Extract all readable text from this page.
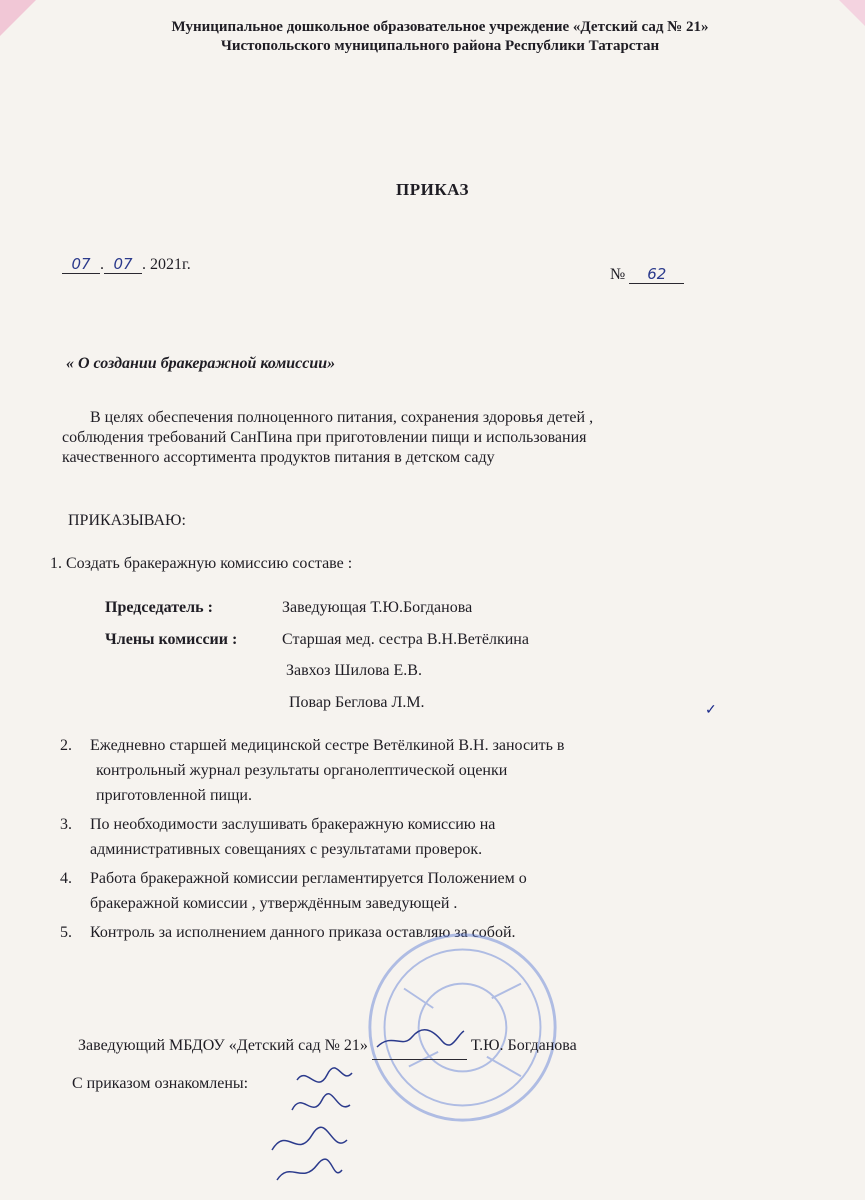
Муниципальное дошкольное образовательное учреждение «Детский сад № 21»
Чистопольского муниципального района Республики Татарстан
ПРИКАЗ
07 . 07 . 2021г.
№ 62
« О создании бракеражной комиссии»
В целях обеспечения полноценного питания, сохранения здоровья детей ,
соблюдения требований СанПина при приготовлении пищи и использования
качественного ассортимента продуктов питания в детском саду
ПРИКАЗЫВАЮ:
1. Создать бракеражную комиссию составе :
Председатель :	Заведующая Т.Ю.Богданова
Члены комиссии :	Старшая мед. сестра В.Н.Ветёлкина
Завхоз Шилова Е.В.
Повар Беглова Л.М.
2.	Ежедневно старшей медицинской сестре Ветёлкиной В.Н. заносить в
контрольный журнал результаты органолептической оценки
приготовленной пищи.
3.	По необходимости заслушивать бракеражную комиссию на
административных совещаниях с результатами проверок.
4.	Работа бракеражной комиссии регламентируется Положением о
бракеражной комиссии , утверждённым заведующей .
5.	Контроль за исполнением данного приказа оставляю за собой.
Заведующий МБДОУ «Детский сад № 21»	Т.Ю. Богданова
С приказом ознакомлены:
✓
